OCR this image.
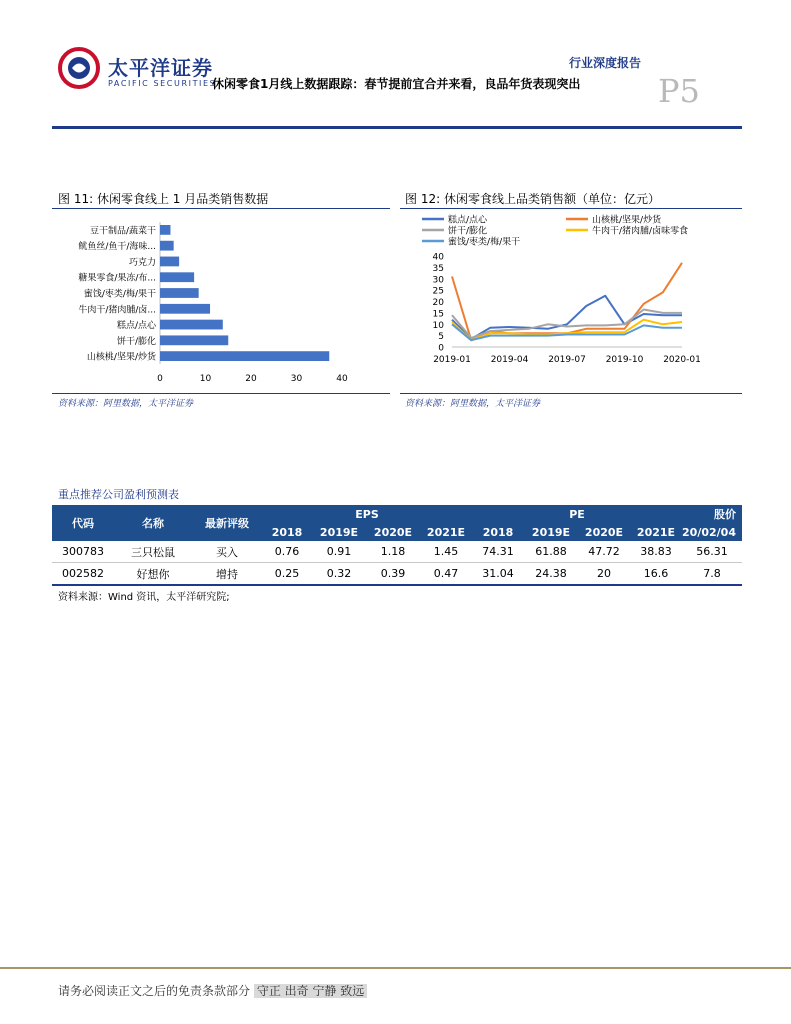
太平洋证券
PACIFIC SECURITIES
行业深度报告
休闲零食1月线上数据跟踪：春节提前宜合并来看，良品年货表现突出 P5
图 11: 休闲零食线上 1 月品类销售数据
山核桃/坚果/炒货
饼干/膨化
糕点/点心
牛肉干/猪肉脯/卤...
蜜饯/枣类/梅/果干
糖果零食/果冻/布...
巧克力
鱿鱼丝/鱼干/海味...
豆干制品/蔬菜干
0	10	20	30	40
资料来源：阿里数据，太平洋证券
图 12: 休闲零食线上品类销售额（单位：亿元）
糕点/点心	山核桃/坚果/炒货
饼干/膨化	牛肉干/猪肉脯/卤味零食
蜜饯/枣类/梅/果干
0
5
10
15
20
25
30
35
40
2019-01 2019-04 2019-07 2019-10 2020-01
资料来源：阿里数据，太平洋证券
重点推荐公司盈利预测表
代码	名称	最新评级	EPS				PE				股价
			2018	2019E	2020E	2021E	2018	2019E	2020E	2021E	20/02/04
300783	三只松鼠	买入	0.76	0.91	1.18	1.45	74.31	61.88	47.72	38.83	56.31
002582	好想你	增持	0.25	0.32	0.39	0.47	31.04	24.38	20	16.6	7.8
资料来源：Wind 资讯，太平洋研究院;
请务必阅读正文之后的免责条款部分 守正 出奇 宁静 致远
